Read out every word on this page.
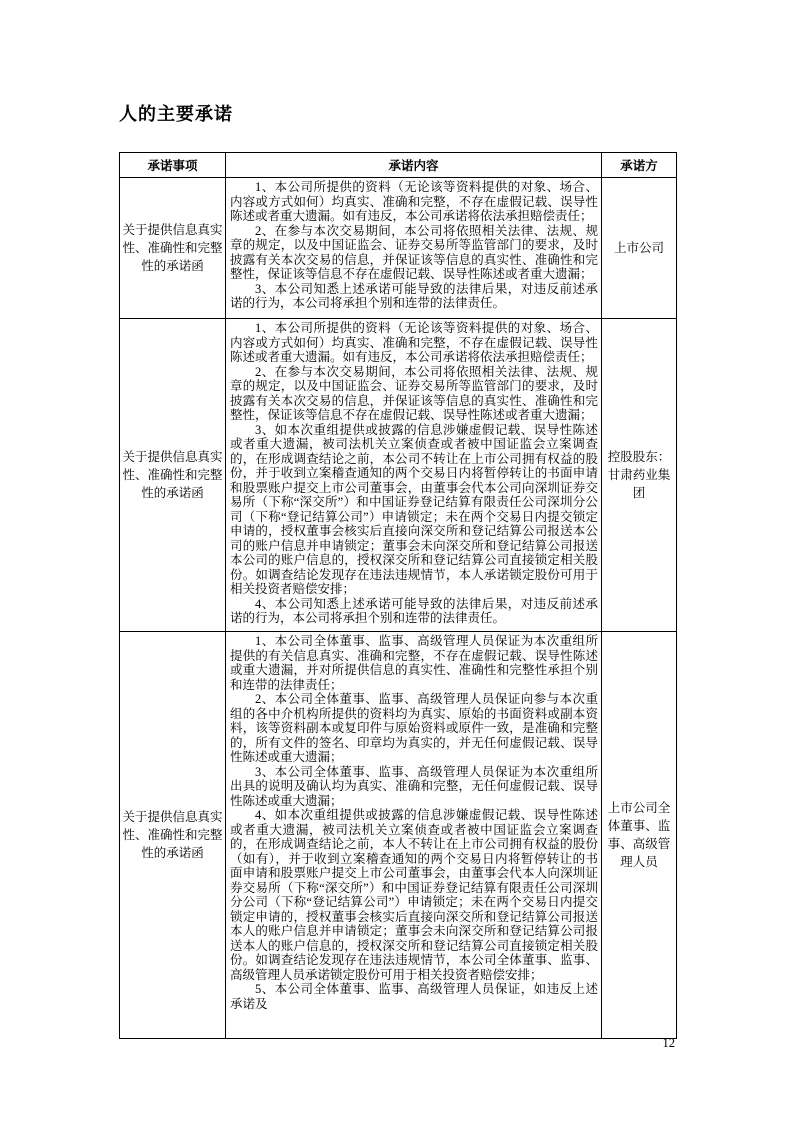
人的主要承诺
承诺事项	承诺内容	承诺方
关于提供信息真实性、准确性和完整性的承诺函	1、本公司所提供的资料（无论该等资料提供的对象、场合、内容或方式如何）均真实、准确和完整，不存在虚假记载、误导性陈述或者重大遗漏。如有违反，本公司承诺将依法承担赔偿责任；

2、在参与本次交易期间，本公司将依照相关法律、法规、规章的规定，以及中国证监会、证券交易所等监管部门的要求，及时披露有关本次交易的信息，并保证该等信息的真实性、准确性和完整性，保证该等信息不存在虚假记载、误导性陈述或者重大遗漏；

3、本公司知悉上述承诺可能导致的法律后果，对违反前述承诺的行为，本公司将承担个别和连带的法律责任。	上市公司
关于提供信息真实性、准确性和完整性的承诺函	1、本公司所提供的资料（无论该等资料提供的对象、场合、内容或方式如何）均真实、准确和完整，不存在虚假记载、误导性陈述或者重大遗漏。如有违反，本公司承诺将依法承担赔偿责任；

2、在参与本次交易期间，本公司将依照相关法律、法规、规章的规定，以及中国证监会、证券交易所等监管部门的要求，及时披露有关本次交易的信息，并保证该等信息的真实性、准确性和完整性，保证该等信息不存在虚假记载、误导性陈述或者重大遗漏；

3、如本次重组提供或披露的信息涉嫌虚假记载、误导性陈述或者重大遗漏，被司法机关立案侦查或者被中国证监会立案调查的，在形成调查结论之前，本公司不转让在上市公司拥有权益的股份，并于收到立案稽查通知的两个交易日内将暂停转让的书面申请和股票账户提交上市公司董事会，由董事会代本公司向深圳证券交易所（下称“深交所”）和中国证券登记结算有限责任公司深圳分公司（下称“登记结算公司”）申请锁定；未在两个交易日内提交锁定申请的，授权董事会核实后直接向深交所和登记结算公司报送本公司的账户信息并申请锁定；董事会未向深交所和登记结算公司报送本公司的账户信息的，授权深交所和登记结算公司直接锁定相关股份。如调查结论发现存在违法违规情节，本人承诺锁定股份可用于相关投资者赔偿安排；

4、本公司知悉上述承诺可能导致的法律后果，对违反前述承诺的行为，本公司将承担个别和连带的法律责任。	控股股东：甘肃药业集团
关于提供信息真实性、准确性和完整性的承诺函	1、本公司全体董事、监事、高级管理人员保证为本次重组所提供的有关信息真实、准确和完整，不存在虚假记载、误导性陈述或重大遗漏，并对所提供信息的真实性、准确性和完整性承担个别和连带的法律责任；

2、本公司全体董事、监事、高级管理人员保证向参与本次重组的各中介机构所提供的资料均为真实、原始的书面资料或副本资料，该等资料副本或复印件与原始资料或原件一致，是准确和完整的，所有文件的签名、印章均为真实的，并无任何虚假记载、误导性陈述或重大遗漏；

3、本公司全体董事、监事、高级管理人员保证为本次重组所出具的说明及确认均为真实、准确和完整，无任何虚假记载、误导性陈述或重大遗漏；

4、如本次重组提供或披露的信息涉嫌虚假记载、误导性陈述或者重大遗漏，被司法机关立案侦查或者被中国证监会立案调查的，在形成调查结论之前，本人不转让在上市公司拥有权益的股份（如有），并于收到立案稽查通知的两个交易日内将暂停转让的书面申请和股票账户提交上市公司董事会，由董事会代本人向深圳证券交易所（下称“深交所”）和中国证券登记结算有限责任公司深圳分公司（下称“登记结算公司”）申请锁定；未在两个交易日内提交锁定申请的，授权董事会核实后直接向深交所和登记结算公司报送本人的账户信息并申请锁定；董事会未向深交所和登记结算公司报送本人的账户信息的，授权深交所和登记结算公司直接锁定相关股份。如调查结论发现存在违法违规情节，本公司全体董事、监事、高级管理人员承诺锁定股份可用于相关投资者赔偿安排；

5、本公司全体董事、监事、高级管理人员保证，如违反上述承诺及	上市公司全体董事、监事、高级管理人员
12
